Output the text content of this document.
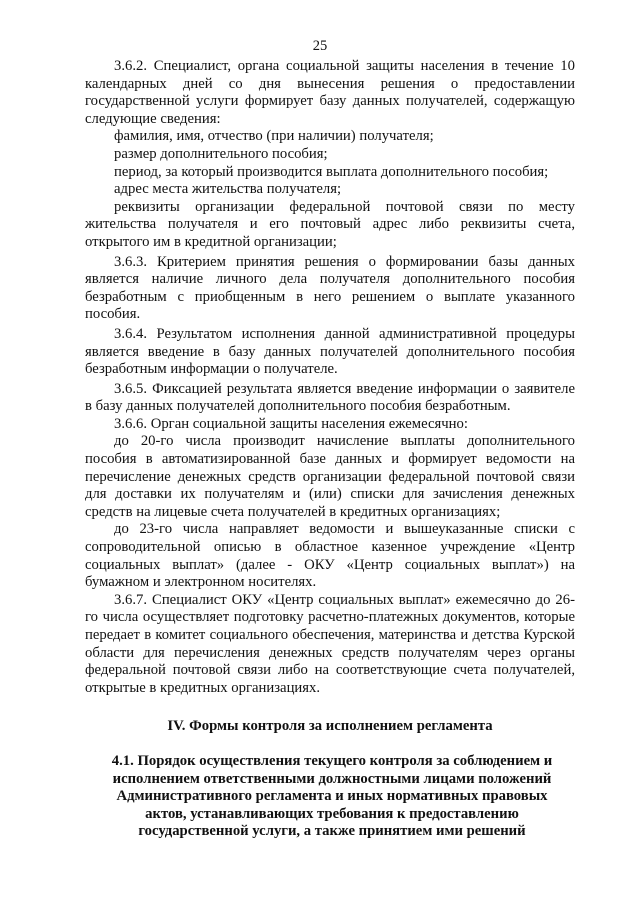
25

3.6.2. Специалист, органа социальной защиты населения в течение 10 календарных дней со дня вынесения решения о предоставлении государственной услуги формирует базу данных получателей, содержащую следующие сведения:

фамилия, имя, отчество (при наличии) получателя;

размер дополнительного пособия;

период, за который производится выплата дополнительного пособия;

адрес места жительства получателя;

реквизиты организации федеральной почтовой связи по месту жительства получателя и его почтовый адрес либо реквизиты счета, открытого им в кредитной организации;

3.6.3. Критерием принятия решения о формировании базы данных является наличие личного дела получателя дополнительного пособия безработным с приобщенным в него решением о выплате указанного пособия.

3.6.4. Результатом исполнения данной административной процедуры является введение в базу данных получателей дополнительного пособия безработным информации о получателе.

3.6.5. Фиксацией результата является введение информации о заявителе в базу данных получателей дополнительного пособия безработным.

3.6.6. Орган социальной защиты населения ежемесячно:

до 20-го числа производит начисление выплаты дополнительного пособия в автоматизированной базе данных и формирует ведомости на перечисление денежных средств организации федеральной почтовой связи для доставки их получателям и (или) списки для зачисления денежных средств на лицевые счета получателей в кредитных организациях;

до 23-го числа направляет ведомости и вышеуказанные списки с сопроводительной описью в областное казенное учреждение «Центр социальных выплат» (далее - ОКУ «Центр социальных выплат») на бумажном и электронном носителях.

3.6.7. Специалист ОКУ «Центр социальных выплат» ежемесячно до 26-го числа осуществляет подготовку расчетно-платежных документов, которые передает в комитет социального обеспечения, материнства и детства Курской области для перечисления денежных средств получателям через органы федеральной почтовой связи либо на соответствующие счета получателей, открытые в кредитных организациях.

IV. Формы контроля за исполнением регламента
4.1. Порядок осуществления текущего контроля за соблюдением и
исполнением ответственными должностными лицами положений
Административного регламента и иных нормативных правовых
актов, устанавливающих требования к предоставлению
государственной услуги, а также принятием ими решений
